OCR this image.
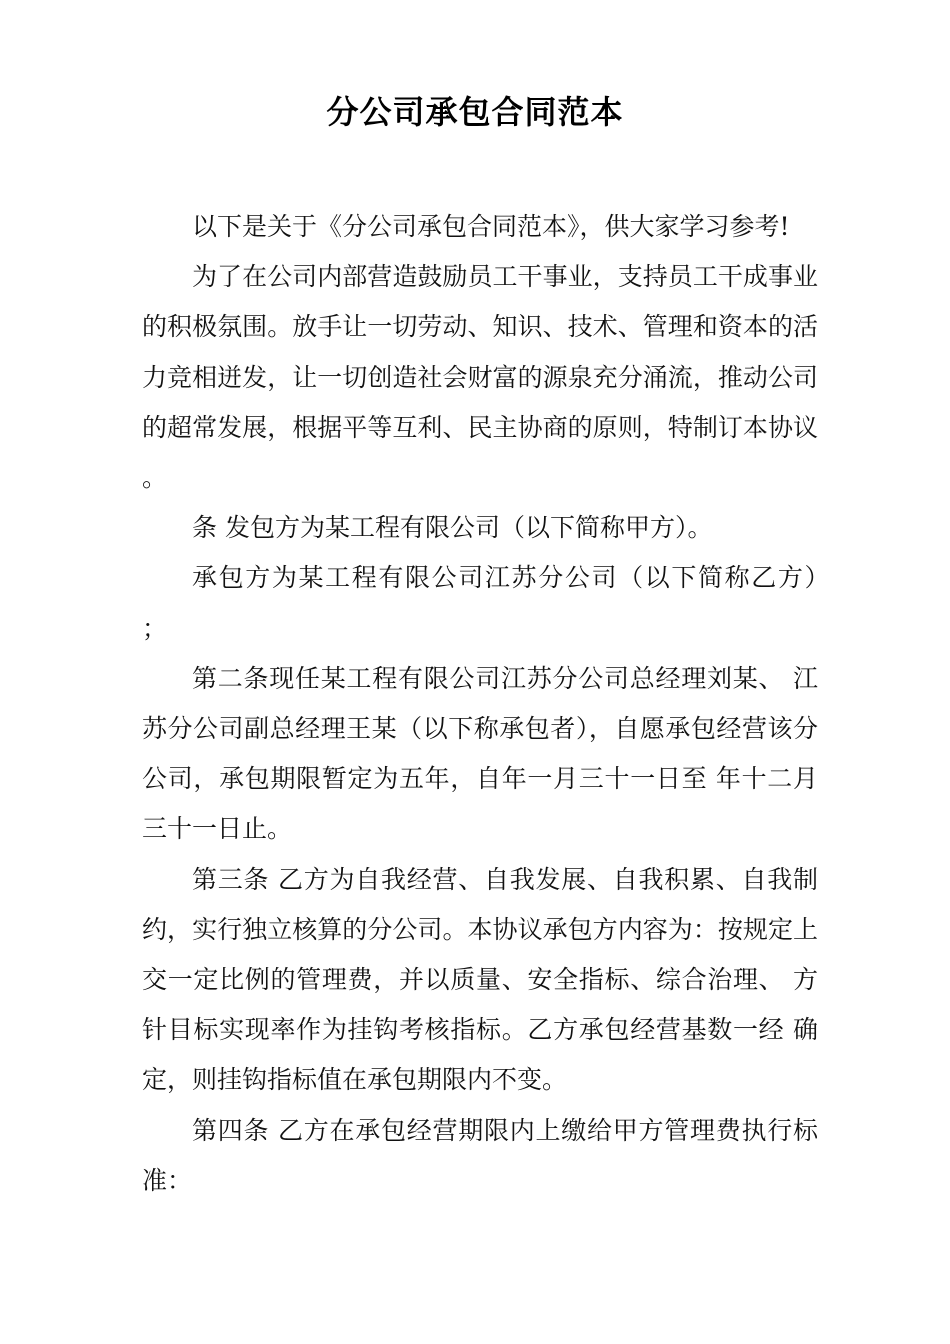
分公司承包合同范本

以下是关于《分公司承包合同范本》，供大家学习参考!

为了在公司内部营造鼓励员工干事业，支持员工干成事业的积极氛围。放手让一切劳动、知识、技术、管理和资本的活力竞相迸发，让一切创造社会财富的源泉充分涌流，推动公司的超常发展，根据平等互利、民主协商的原则，特制订本协议。

条 发包方为某工程有限公司（以下简称甲方）。

承包方为某工程有限公司江苏分公司（以下简称乙方）；

第二条现任某工程有限公司江苏分公司总经理刘某、 江苏分公司副总经理王某（以下称承包者），自愿承包经营该分公司，承包期限暂定为五年，自年一月三十一日至 年十二月三十一日止。

第三条 乙方为自我经营、自我发展、自我积累、自我制约，实行独立核算的分公司。本协议承包方内容为：按规定上交一定比例的管理费，并以质量、安全指标、综合治理、 方针目标实现率作为挂钩考核指标。乙方承包经营基数一经 确定，则挂钩指标值在承包期限内不变。

第四条 乙方在承包经营期限内上缴给甲方管理费执行标准：
